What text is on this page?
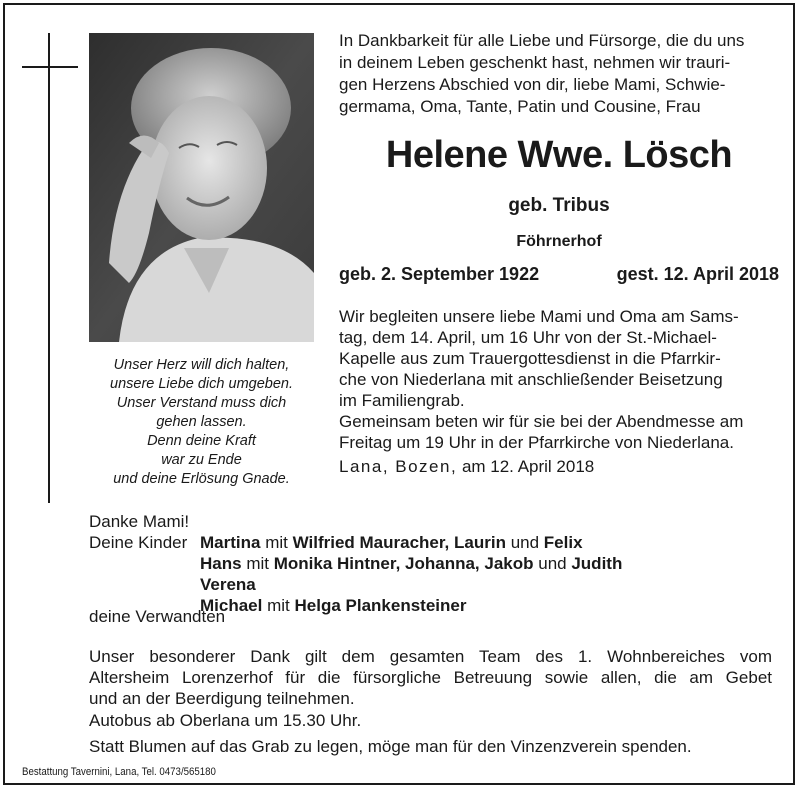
Unser Herz will dich halten,
unsere Liebe dich umgeben.
Unser Verstand muss dich
gehen lassen.
Denn deine Kraft
war zu Ende
und deine Erlösung Gnade.
In Dankbarkeit für alle Liebe und Fürsorge, die du uns
in deinem Leben geschenkt hast, nehmen wir trauri-
gen Herzens Abschied von dir, liebe Mami, Schwie-
germama, Oma, Tante, Patin und Cousine, Frau
Helene Wwe. Lösch
geb. Tribus
Föhrnerhof
geb. 2. September 1922	gest. 12. April 2018
Wir begleiten unsere liebe Mami und Oma am Sams-
tag, dem 14. April, um 16 Uhr von der St.-Michael-
Kapelle aus zum Trauergottesdienst in die Pfarrkir-
che von Niederlana mit anschließender Beisetzung
im Familiengrab.
Gemeinsam beten wir für sie bei der Abendmesse am
Freitag um 19 Uhr in der Pfarrkirche von Niederlana.
Lana, Bozen, am 12. April 2018
Danke Mami!
Deine Kinder Martina mit Wilfried Mauracher, Laurin und Felix
Hans mit Monika Hintner, Johanna, Jakob und Judith
Verena
Michael mit Helga Plankensteiner
deine Verwandten
Unser besonderer Dank gilt dem gesamten Team des 1. Wohnbereiches vom
Altersheim Lorenzerhof für die fürsorgliche Betreuung sowie allen, die am Gebet
und an der Beerdigung teilnehmen.
Autobus ab Oberlana um 15.30 Uhr.
Statt Blumen auf das Grab zu legen, möge man für den Vinzenzverein spenden.
Bestattung Tavernini, Lana, Tel. 0473/565180
